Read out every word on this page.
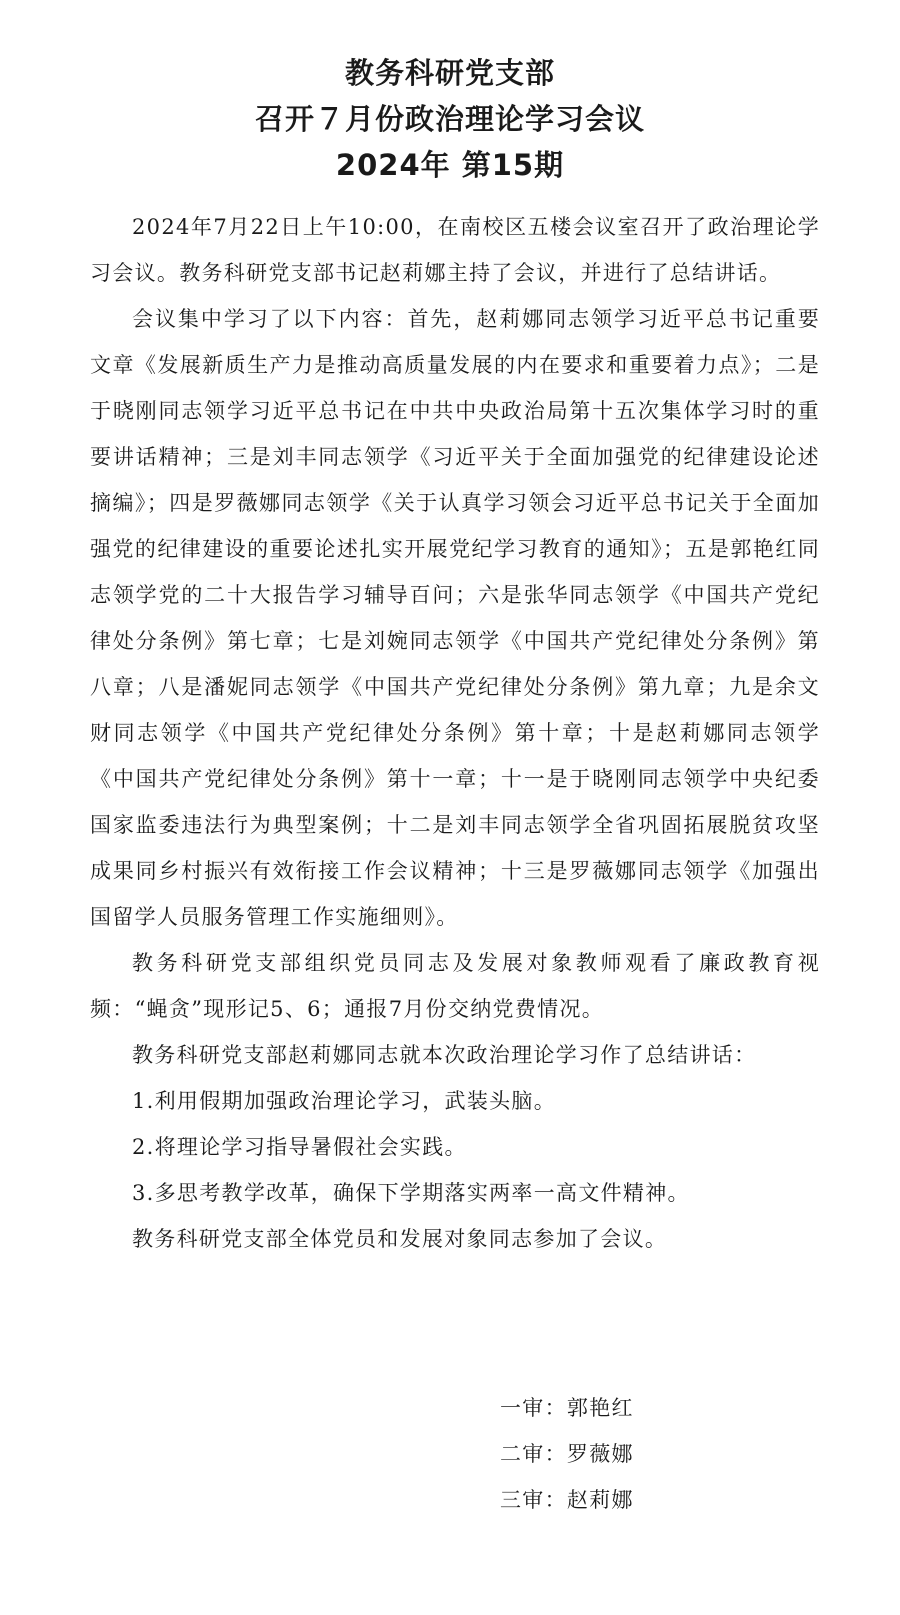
教务科研党支部
召开７月份政治理论学习会议
2024年 第15期

2024年7月22日上午10:00，在南校区五楼会议室召开了政治理论学习会议。教务科研党支部书记赵莉娜主持了会议，并进行了总结讲话。

会议集中学习了以下内容：首先，赵莉娜同志领学习近平总书记重要文章《发展新质生产力是推动高质量发展的内在要求和重要着力点》；二是于晓刚同志领学习近平总书记在中共中央政治局第十五次集体学习时的重要讲话精神；三是刘丰同志领学《习近平关于全面加强党的纪律建设论述摘编》；四是罗薇娜同志领学《关于认真学习领会习近平总书记关于全面加强党的纪律建设的重要论述扎实开展党纪学习教育的通知》；五是郭艳红同志领学党的二十大报告学习辅导百问；六是张华同志领学《中国共产党纪律处分条例》第七章；七是刘婉同志领学《中国共产党纪律处分条例》第八章；八是潘妮同志领学《中国共产党纪律处分条例》第九章；九是余文财同志领学《中国共产党纪律处分条例》第十章；十是赵莉娜同志领学《中国共产党纪律处分条例》第十一章；十一是于晓刚同志领学中央纪委国家监委违法行为典型案例；十二是刘丰同志领学全省巩固拓展脱贫攻坚成果同乡村振兴有效衔接工作会议精神；十三是罗薇娜同志领学《加强出国留学人员服务管理工作实施细则》。

教务科研党支部组织党员同志及发展对象教师观看了廉政教育视频：“蝇贪”现形记5、6；通报7月份交纳党费情况。

教务科研党支部赵莉娜同志就本次政治理论学习作了总结讲话：

1.利用假期加强政治理论学习，武装头脑。

2.将理论学习指导暑假社会实践。

3.多思考教学改革，确保下学期落实两率一高文件精神。

教务科研党支部全体党员和发展对象同志参加了会议。

一审：郭艳红
二审：罗薇娜
三审：赵莉娜
